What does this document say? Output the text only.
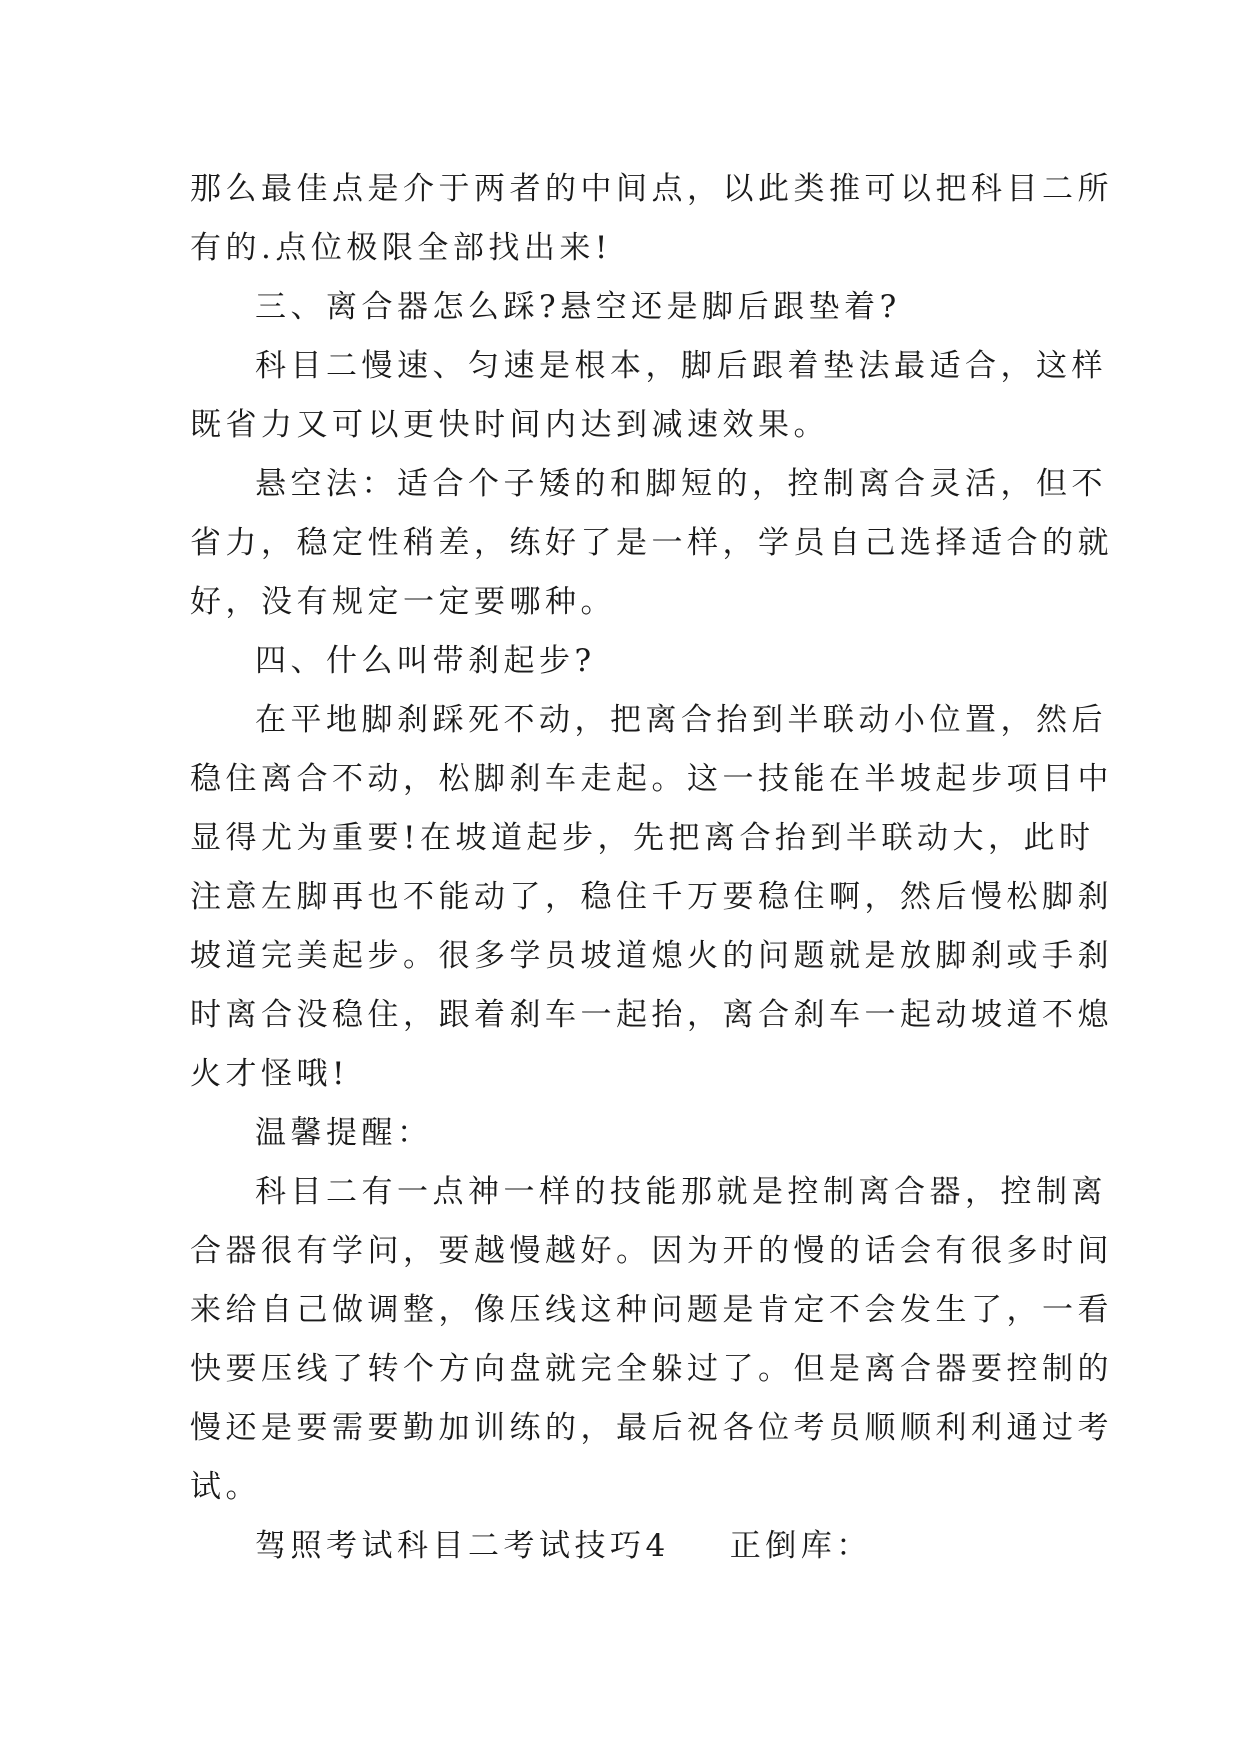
那么最佳点是介于两者的中间点，以此类推可以把科目二所
有的.点位极限全部找出来!
三、离合器怎么踩?悬空还是脚后跟垫着?
科目二慢速、匀速是根本，脚后跟着垫法最适合，这样
既省力又可以更快时间内达到减速效果。
悬空法：适合个子矮的和脚短的，控制离合灵活，但不
省力，稳定性稍差，练好了是一样，学员自己选择适合的就
好，没有规定一定要哪种。
四、什么叫带刹起步?
在平地脚刹踩死不动，把离合抬到半联动小位置，然后
稳住离合不动，松脚刹车走起。这一技能在半坡起步项目中
显得尤为重要!在坡道起步，先把离合抬到半联动大，此时
注意左脚再也不能动了，稳住千万要稳住啊，然后慢松脚刹
坡道完美起步。很多学员坡道熄火的问题就是放脚刹或手刹
时离合没稳住，跟着刹车一起抬，离合刹车一起动坡道不熄
火才怪哦!
温馨提醒：
科目二有一点神一样的技能那就是控制离合器，控制离
合器很有学问，要越慢越好。因为开的慢的话会有很多时间
来给自己做调整，像压线这种问题是肯定不会发生了，一看
快要压线了转个方向盘就完全躲过了。但是离合器要控制的
慢还是要需要勤加训练的，最后祝各位考员顺顺利利通过考
试。
驾照考试科目二考试技巧4 正倒库：
